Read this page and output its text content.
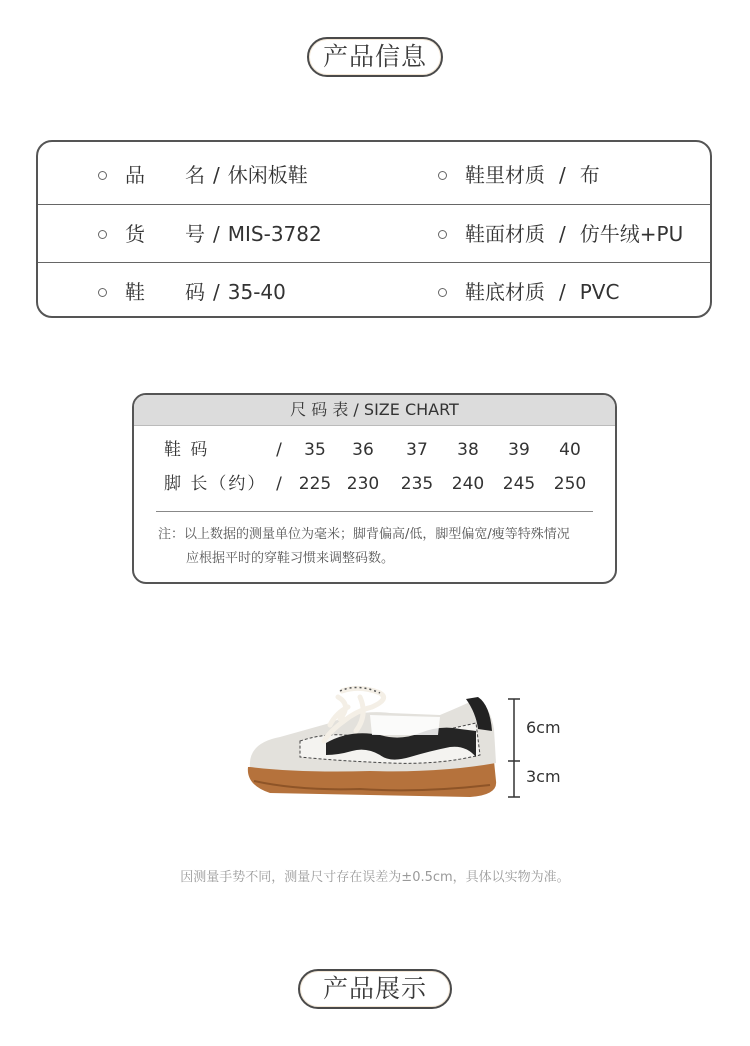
产品信息
品名 / 休闲板鞋	鞋里材质 / 布
货号 / MIS-3782	鞋面材质 / 仿牛绒+PU
鞋码 / 35-40	鞋底材质 / PVC
尺 码 表 / SIZE CHART
鞋 码	/	35	36	37	38	39	40
脚 长（约） / 225 230	235	240	245	250
注：以上数据的测量单位为毫米；脚背偏高/低，脚型偏宽/瘦等特殊情况
应根据平时的穿鞋习惯来调整码数。
6cm
3cm
因测量手势不同，测量尺寸存在误差为±0.5cm，具体以实物为准。
产品展示
